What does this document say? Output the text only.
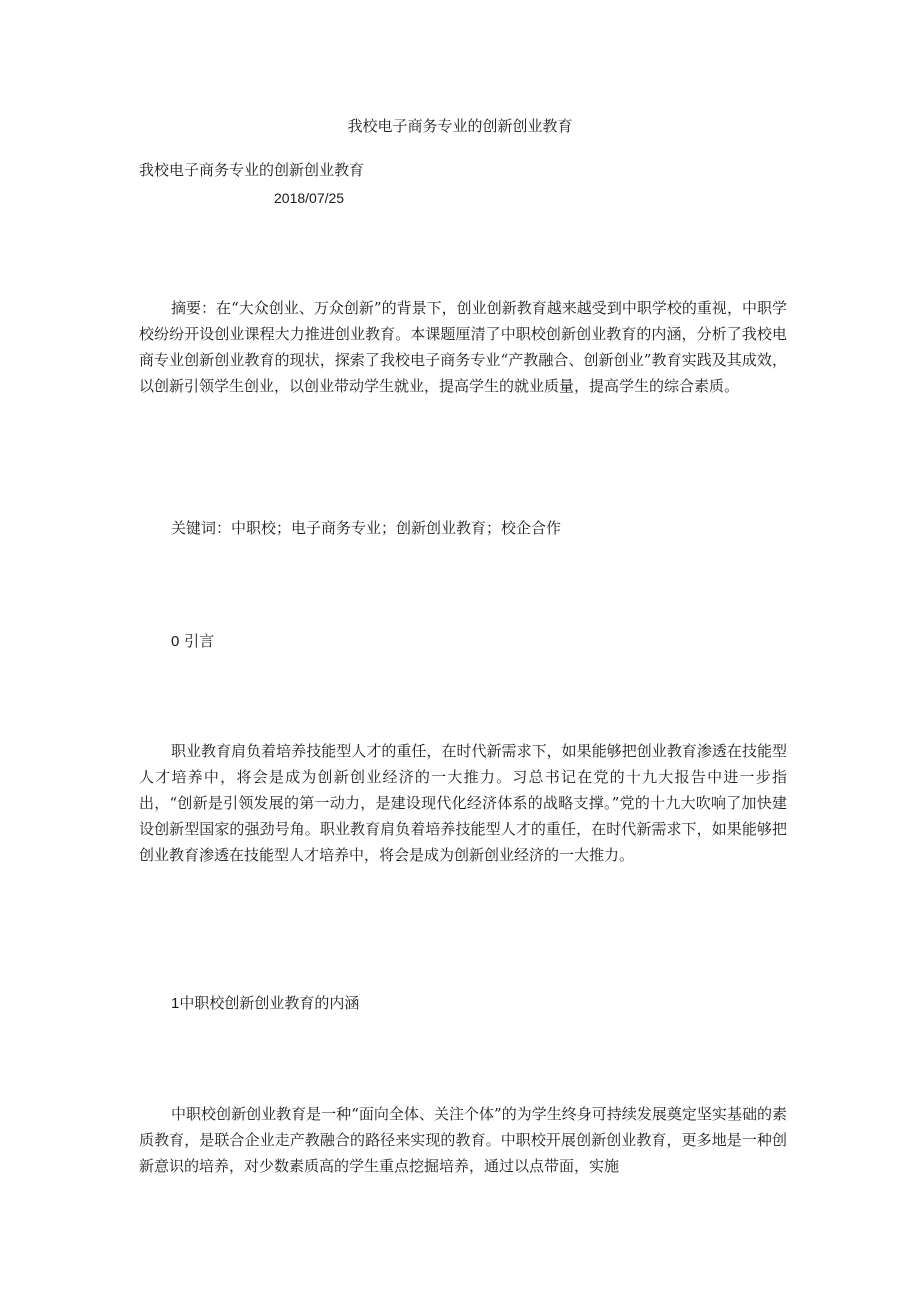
我校电子商务专业的创新创业教育
我校电子商务专业的创新创业教育
2018/07/25

摘要：在“大众创业、万众创新”的背景下，创业创新教育越来越受到中职学校的重视，中职学校纷纷开设创业课程大力推进创业教育。本课题厘清了中职校创新创业教育的内涵，分析了我校电商专业创新创业教育的现状，探索了我校电子商务专业“产教融合、创新创业”教育实践及其成效，以创新引领学生创业，以创业带动学生就业，提高学生的就业质量，提高学生的综合素质。

关键词：中职校；电子商务专业；创新创业教育；校企合作

0 引言

职业教育肩负着培养技能型人才的重任，在时代新需求下，如果能够把创业教育渗透在技能型人才培养中，将会是成为创新创业经济的一大推力。习总书记在党的十九大报告中进一步指出，“创新是引领发展的第一动力，是建设现代化经济体系的战略支撑。”党的十九大吹响了加快建设创新型国家的强劲号角。职业教育肩负着培养技能型人才的重任，在时代新需求下，如果能够把创业教育渗透在技能型人才培养中，将会是成为创新创业经济的一大推力。

1中职校创新创业教育的内涵

中职校创新创业教育是一种“面向全体、关注个体”的为学生终身可持续发展奠定坚实基础的素质教育，是联合企业走产教融合的路径来实现的教育。中职校开展创新创业教育，更多地是一种创新意识的培养，对少数素质高的学生重点挖掘培养，通过以点带面，实施
